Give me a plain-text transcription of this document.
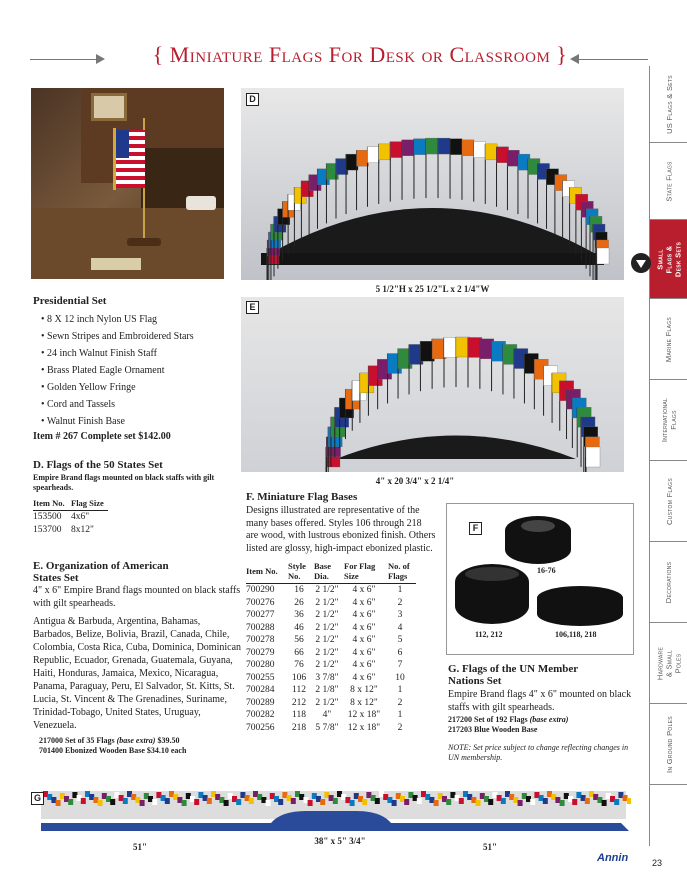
{ Miniature Flags For Desk or Classroom }
US Flags & Sets
State Flags
Small Flags & Desk Sets
Marine Flags
International Flags
Custom Flags
Decorations
Hardware & Small Poles
In Ground Poles
D
5 1/2"H x 25 1/2"L x 2 1/4"W
E
4" x 20 3/4" x 2 1/4"
Presidential Set
• 8 X 12 inch Nylon US Flag
• Sewn Stripes and Embroidered Stars
• 24 inch Walnut Finish Staff
• Brass Plated Eagle Ornament
• Golden Yellow Fringe
• Cord and Tassels
• Walnut Finish Base
Item # 267 Complete set $142.00
D. Flags of the 50 States Set
Empire Brand flags mounted on black staffs with gilt spearheads.
Item No.	Flag Size
153500	4x6"
153700	8x12"
E. Organization of American States Set
4" x 6" Empire Brand flags mounted on black staffs with gilt spearheads.
Antigua & Barbuda, Argentina, Bahamas, Barbados, Belize, Bolivia, Brazil, Canada, Chile, Colombia, Costa Rica, Cuba, Dominica, Dominican Republic, Ecuador, Grenada, Guatemala, Guyana, Haiti, Honduras, Jamaica, Mexico, Nicaragua, Panama, Paraguay, Peru, El Salvador, St. Kitts, St. Lucia, St. Vincent & The Grenadines, Suriname, Trinidad-Tobago, United States, Uruguay, Venezuela.
217000 Set of 35 Flags (base extra) $39.50
701400 Ebonized Wooden Base $34.10 each
F. Miniature Flag Bases
Designs illustrated are representative of the many bases offered. Styles 106 through 218 are wood, with lustrous ebonized finish. Others listed are glossy, high-impact ebonized plastic.
Item No.	Style No.	Base Dia.	For Flag Size	No. of Flags
700290	16	2 1/2"	4 x 6"	1
700276	26	2 1/2"	4 x 6"	2
700277	36	2 1/2"	4 x 6"	3
700288	46	2 1/2"	4 x 6"	4
700278	56	2 1/2"	4 x 6"	5
700279	66	2 1/2"	4 x 6"	6
700280	76	2 1/2"	4 x 6"	7
700255	106	3 7/8"	4 x 6"	10
700284	112	2 1/8"	8 x 12"	1
700289	212	2 1/2"	8 x 12"	2
700282	118	4"	12 x 18"	1
700256	218	5 7/8"	12 x 18"	2
F
16-76
112, 212	106,118, 218
G. Flags of the UN Member Nations Set
Empire Brand flags 4" x 6" mounted on black staffs with gilt spearheads.
217200 Set of 192 Flags (base extra)
217203 Blue Wooden Base
NOTE: Set price subject to change reflecting changes in UN membership.
G
51"
38" x 5" 3/4"
51"
Annin	23
